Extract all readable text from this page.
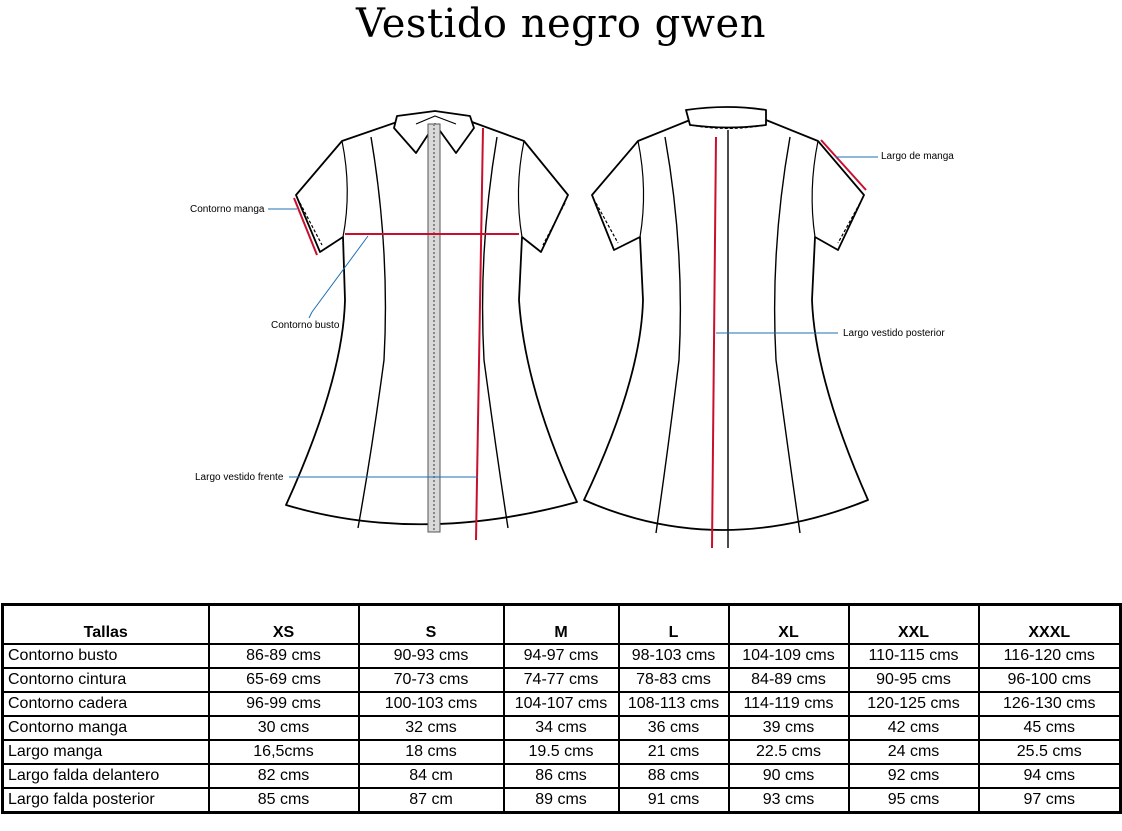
Vestido negro gwen
Contorno manga
Contorno busto
Largo vestido frente
Largo de manga
Largo vestido posterior
Tallas	XS	S	M	L	XL	XXL	XXXL
Contorno busto	86-89 cms	90-93 cms	94-97 cms	98-103 cms	104-109 cms	110-115 cms	116-120 cms
Contorno cintura	65-69 cms	70-73 cms	74-77 cms	78-83 cms	84-89 cms	90-95 cms	96-100 cms
Contorno cadera	96-99 cms	100-103 cms	104-107 cms	108-113 cms	114-119 cms	120-125 cms	126-130 cms
Contorno manga	30 cms	32 cms	34 cms	36 cms	39 cms	42 cms	45 cms
Largo manga	16,5cms	18 cms	19.5 cms	21 cms	22.5 cms	24 cms	25.5 cms
Largo falda delantero	82 cms	84 cm	86 cms	88 cms	90 cms	92 cms	94 cms
Largo falda posterior	85 cms	87 cm	89 cms	91 cms	93 cms	95 cms	97 cms
